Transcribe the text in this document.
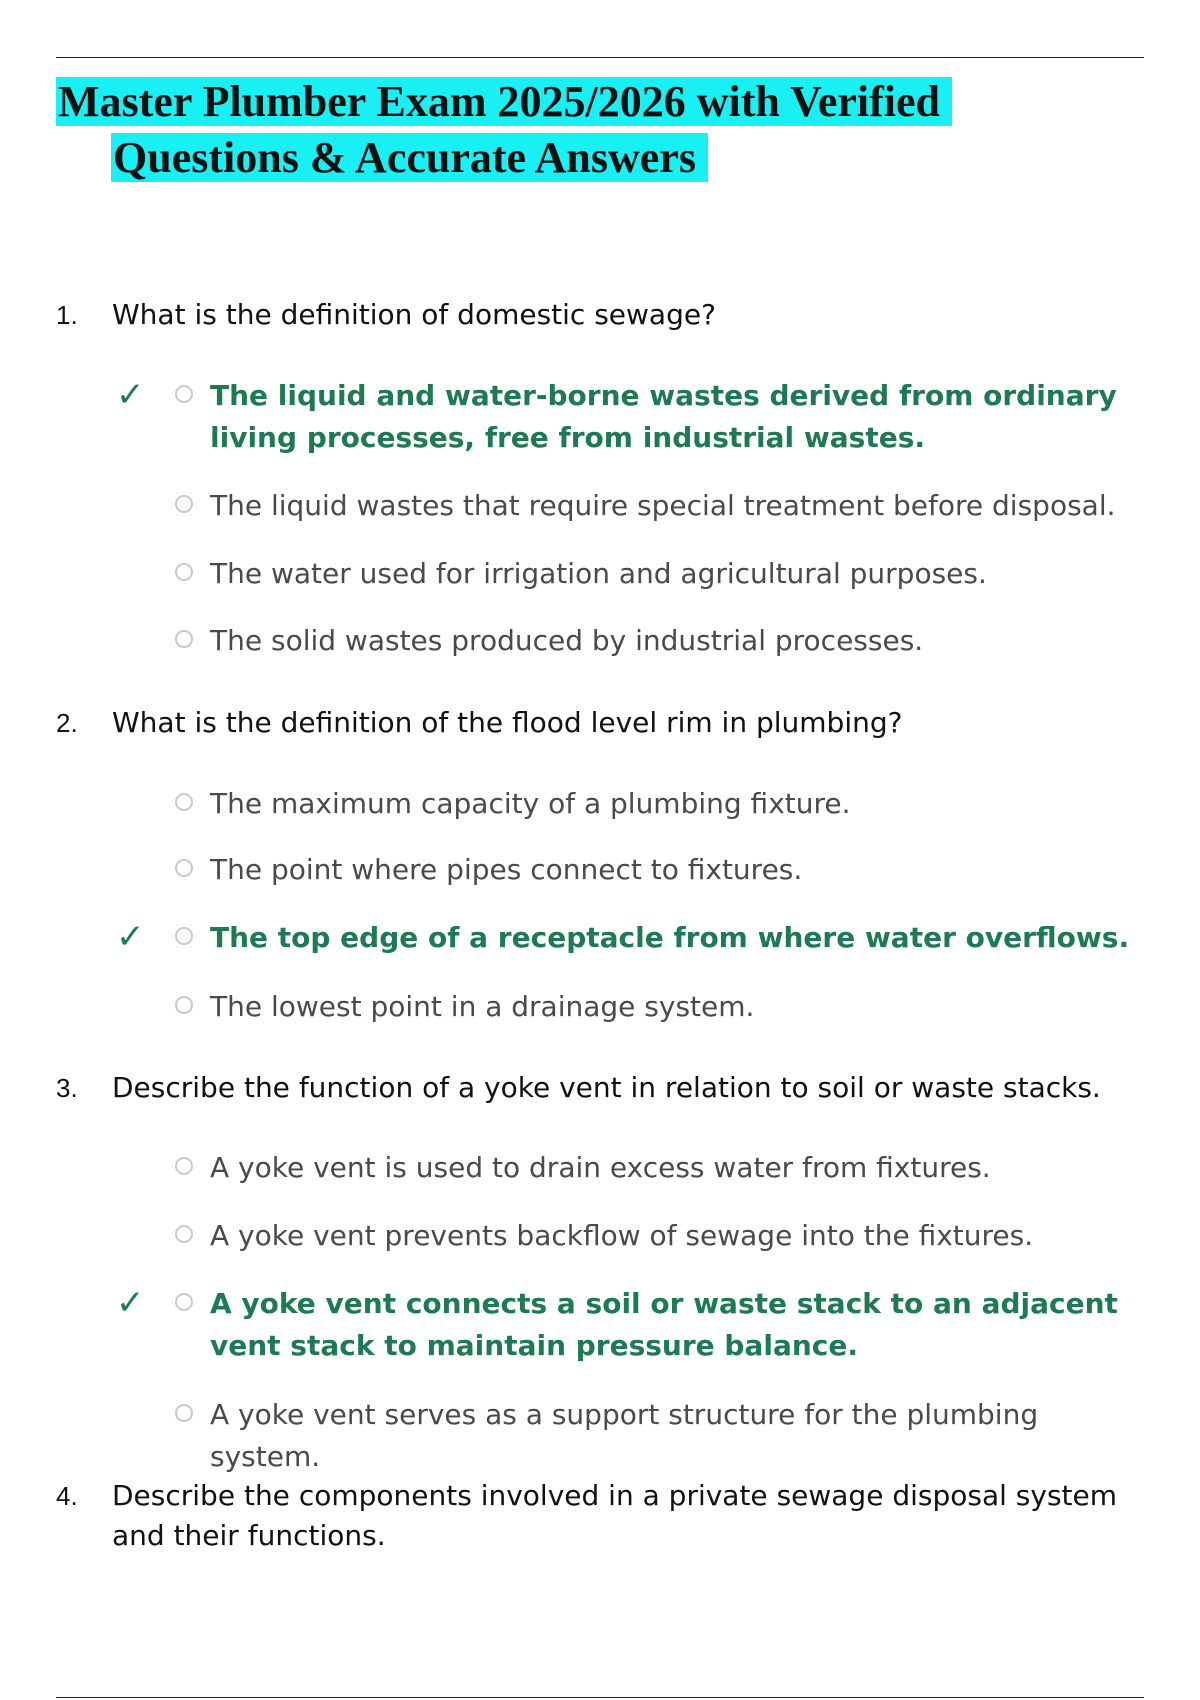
Master Plumber Exam 2025/2026 with Verified
Questions & Accurate Answers
1. What is the definition of domestic sewage?
✓ The liquid and water-borne wastes derived from ordinary living processes, free from industrial wastes.
The liquid wastes that require special treatment before disposal.
The water used for irrigation and agricultural purposes.
The solid wastes produced by industrial processes.
2. What is the definition of the flood level rim in plumbing?
The maximum capacity of a plumbing fixture.
The point where pipes connect to fixtures.
✓ The top edge of a receptacle from where water overflows.
The lowest point in a drainage system.
3. Describe the function of a yoke vent in relation to soil or waste stacks.
A yoke vent is used to drain excess water from fixtures.
A yoke vent prevents backflow of sewage into the fixtures.
✓ A yoke vent connects a soil or waste stack to an adjacent vent stack to maintain pressure balance.
A yoke vent serves as a support structure for the plumbing system.
4. Describe the components involved in a private sewage disposal system and their functions.
